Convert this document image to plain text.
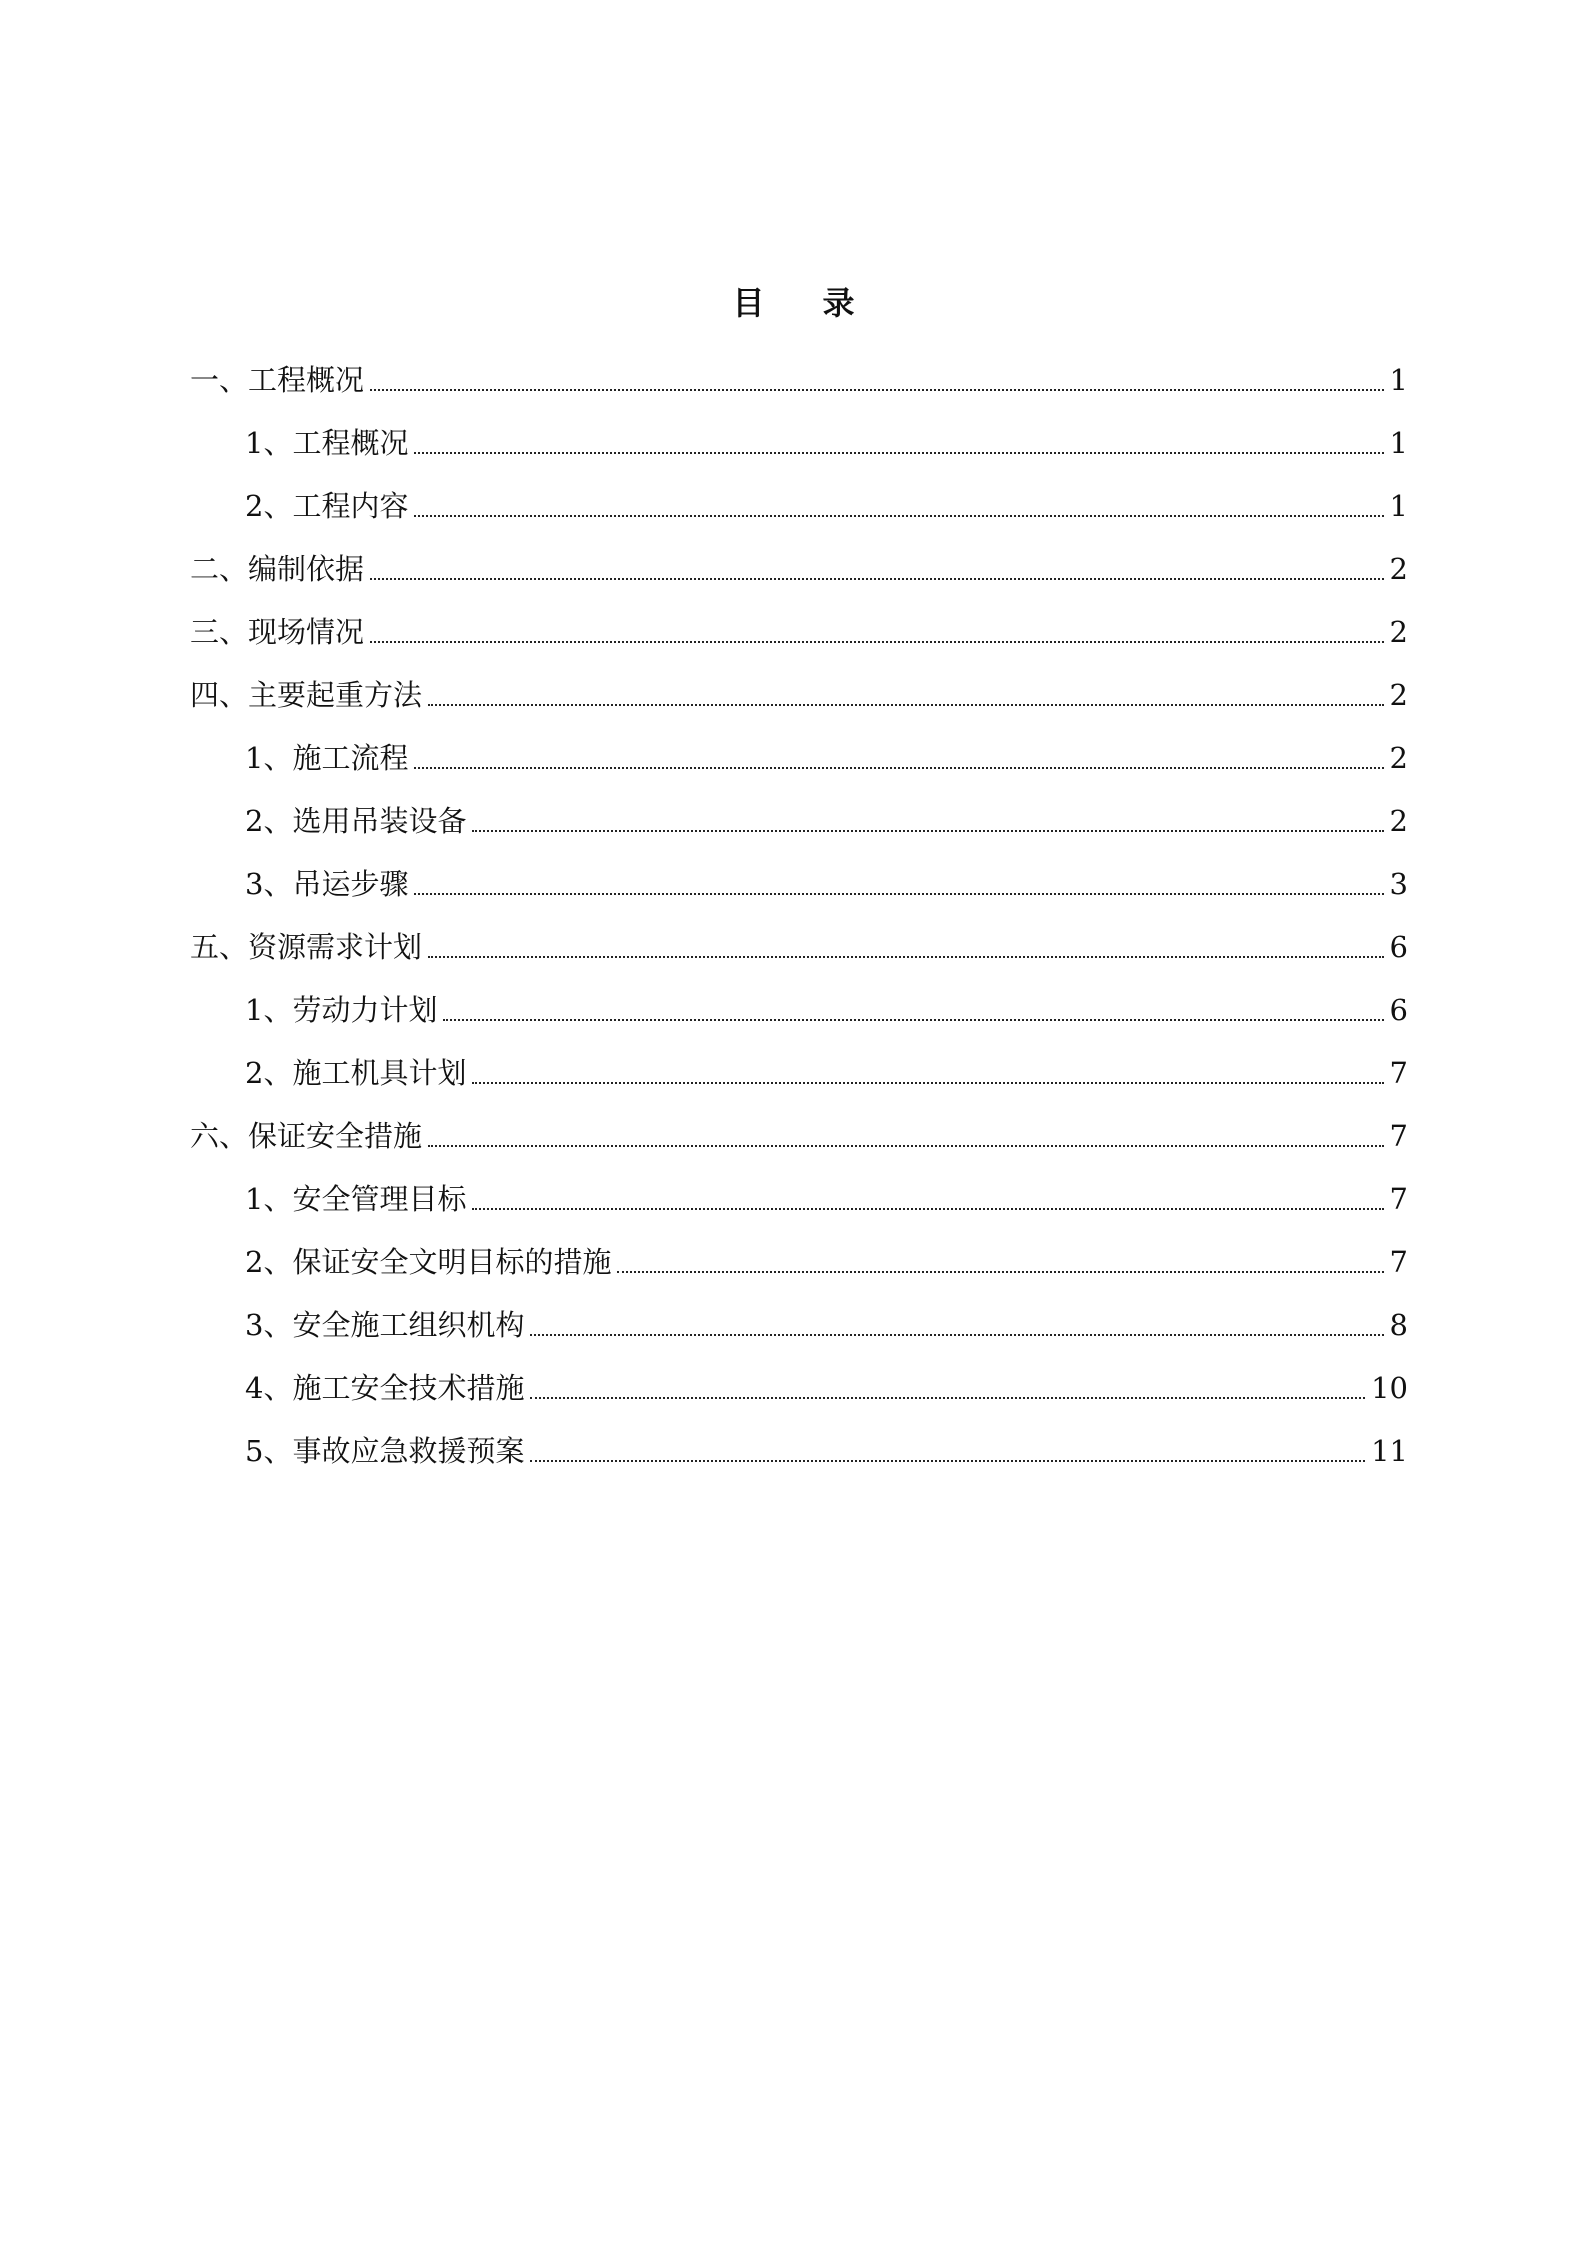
目录
一、工程概况	1
1、工程概况	1
2、工程内容	1
二、编制依据	2
三、现场情况	2
四、主要起重方法	2
1、施工流程	2
2、选用吊装设备	2
3、吊运步骤	3
五、资源需求计划	6
1、劳动力计划	6
2、施工机具计划	7
六、保证安全措施	7
1、安全管理目标	7
2、保证安全文明目标的措施	7
3、安全施工组织机构	8
4、施工安全技术措施	10
5、事故应急救援预案	11
